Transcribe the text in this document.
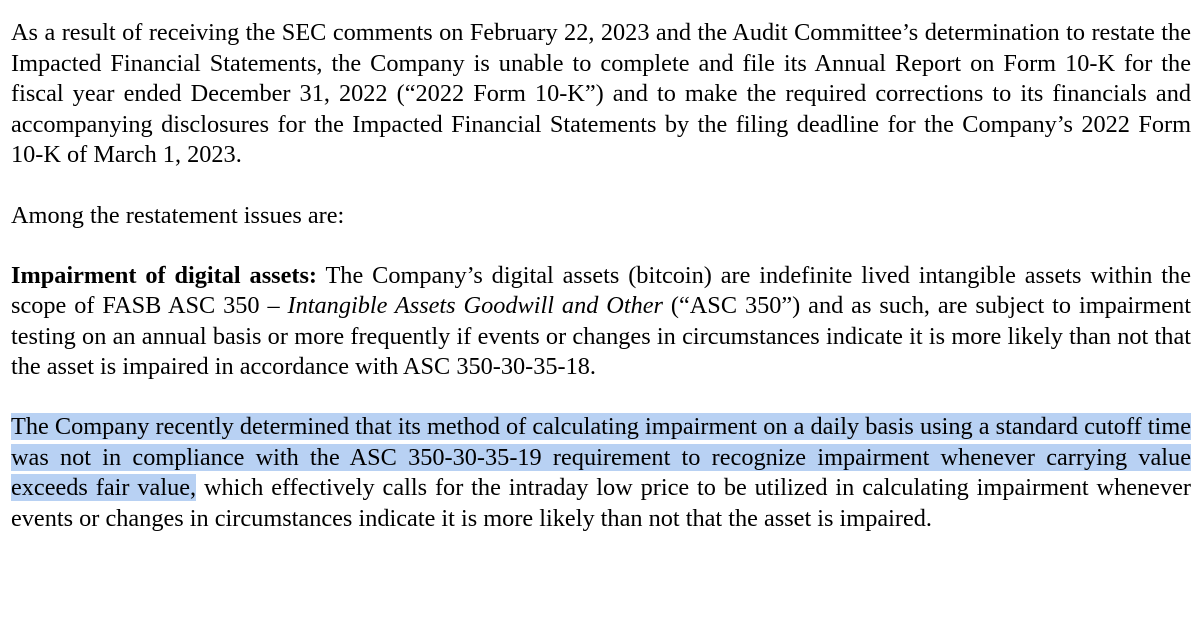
As a result of receiving the SEC comments on February 22, 2023 and the Audit Committee’s determination to restate the Impacted Financial Statements, the Company is unable to complete and file its Annual Report on Form 10-K for the fiscal year ended December 31, 2022 (“2022 Form 10-K”) and to make the required corrections to its financials and accompanying disclosures for the Impacted Financial Statements by the filing deadline for the Company’s 2022 Form 10-K of March 1, 2023.

Among the restatement issues are:

Impairment of digital assets: The Company’s digital assets (bitcoin) are indefinite lived intangible assets within the scope of FASB ASC 350 – Intangible Assets Goodwill and Other (“ASC 350”) and as such, are subject to impairment testing on an annual basis or more frequently if events or changes in circumstances indicate it is more likely than not that the asset is impaired in accordance with ASC 350-30-35-18.

The Company recently determined that its method of calculating impairment on a daily basis using a standard cutoff time was not in compliance with the ASC 350-30-35-19 requirement to recognize impairment whenever carrying value exceeds fair value, which effectively calls for the intraday low price to be utilized in calculating impairment whenever events or changes in circumstances indicate it is more likely than not that the asset is impaired.
